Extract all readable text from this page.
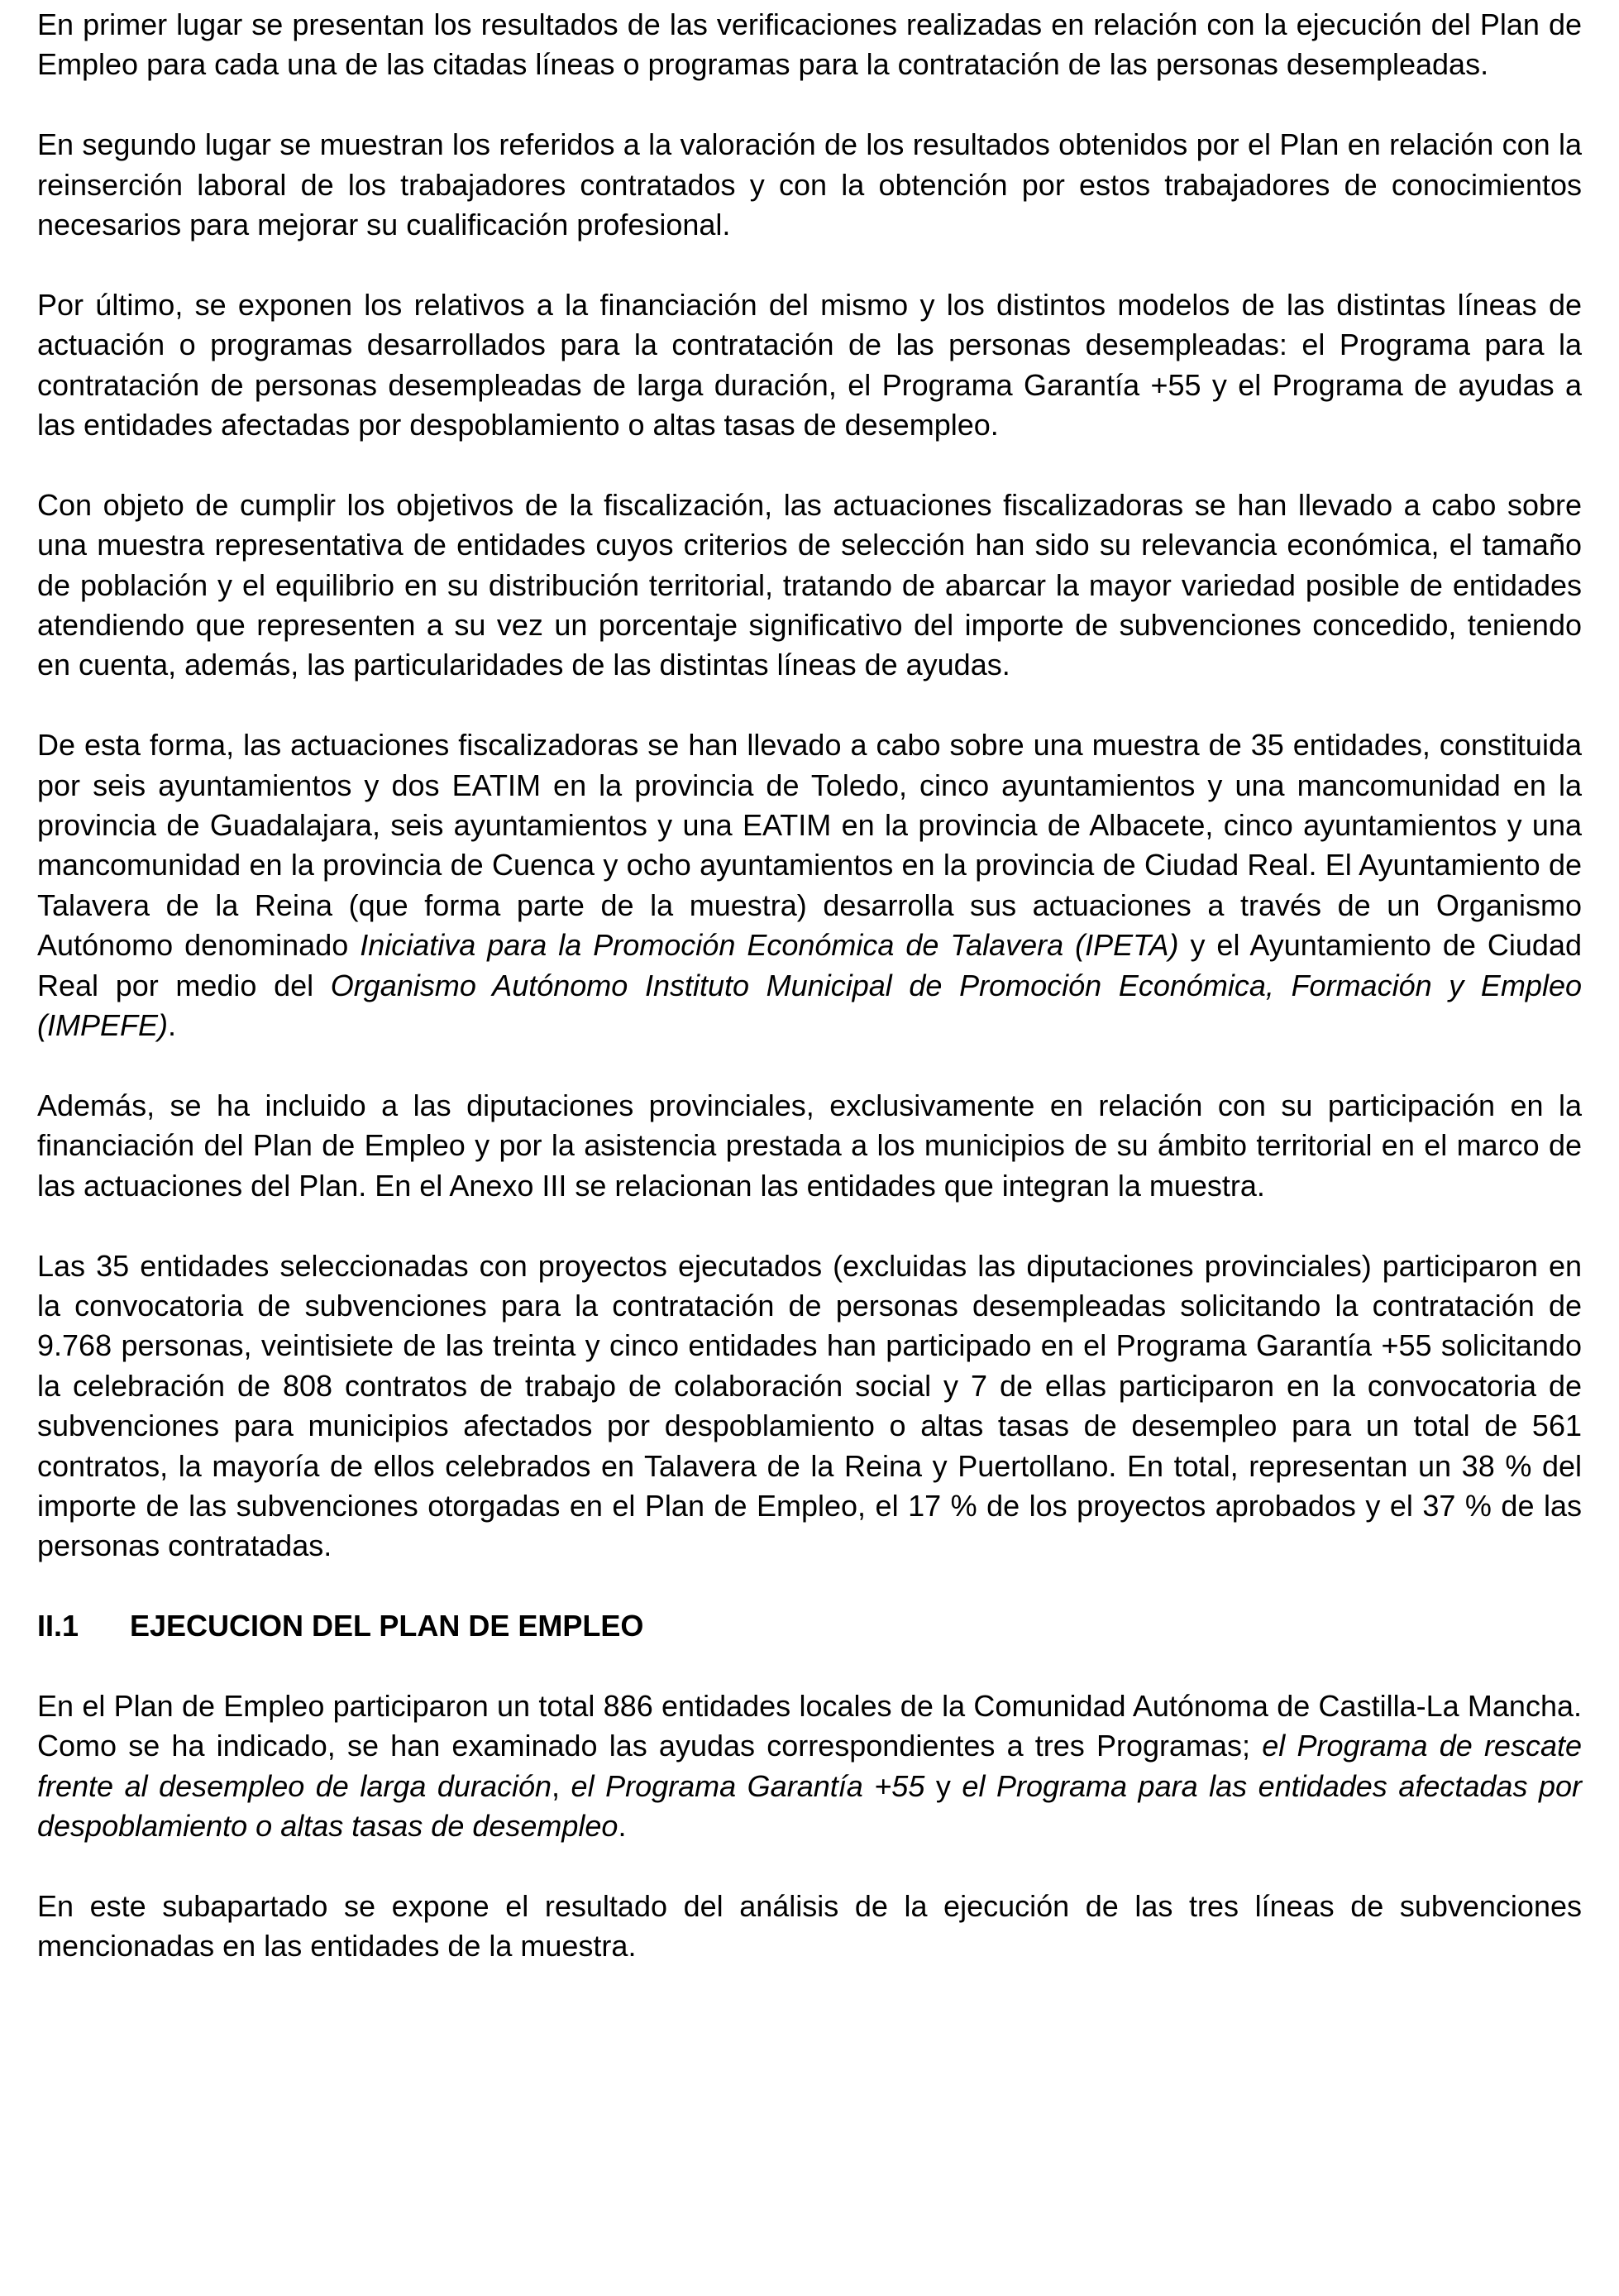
En primer lugar se presentan los resultados de las verificaciones realizadas en relación con la ejecución del Plan de Empleo para cada una de las citadas líneas o programas para la contratación de las personas desempleadas.

En segundo lugar se muestran los referidos a la valoración de los resultados obtenidos por el Plan en relación con la reinserción laboral de los trabajadores contratados y con la obtención por estos trabajadores de conocimientos necesarios para mejorar su cualificación profesional.

Por último, se exponen los relativos a la financiación del mismo y los distintos modelos de las distintas líneas de actuación o programas desarrollados para la contratación de las personas desempleadas: el Programa para la contratación de personas desempleadas de larga duración, el Programa Garantía +55 y el Programa de ayudas a las entidades afectadas por despoblamiento o altas tasas de desempleo.

Con objeto de cumplir los objetivos de la fiscalización, las actuaciones fiscalizadoras se han llevado a cabo sobre una muestra representativa de entidades cuyos criterios de selección han sido su relevancia económica, el tamaño de población y el equilibrio en su distribución territorial, tratando de abarcar la mayor variedad posible de entidades atendiendo que representen a su vez un porcentaje significativo del importe de subvenciones concedido, teniendo en cuenta, además, las particularidades de las distintas líneas de ayudas.

De esta forma, las actuaciones fiscalizadoras se han llevado a cabo sobre una muestra de 35 entidades, constituida por seis ayuntamientos y dos EATIM en la provincia de Toledo, cinco ayuntamientos y una mancomunidad en la provincia de Guadalajara, seis ayuntamientos y una EATIM en la provincia de Albacete, cinco ayuntamientos y una mancomunidad en la provincia de Cuenca y ocho ayuntamientos en la provincia de Ciudad Real. El Ayuntamiento de Talavera de la Reina (que forma parte de la muestra) desarrolla sus actuaciones a través de un Organismo Autónomo denominado Iniciativa para la Promoción Económica de Talavera (IPETA) y el Ayuntamiento de Ciudad Real por medio del Organismo Autónomo Instituto Municipal de Promoción Económica, Formación y Empleo (IMPEFE).

Además, se ha incluido a las diputaciones provinciales, exclusivamente en relación con su participación en la financiación del Plan de Empleo y por la asistencia prestada a los municipios de su ámbito territorial en el marco de las actuaciones del Plan. En el Anexo III se relacionan las entidades que integran la muestra.

Las 35 entidades seleccionadas con proyectos ejecutados (excluidas las diputaciones provinciales) participaron en la convocatoria de subvenciones para la contratación de personas desempleadas solicitando la contratación de 9.768 personas, veintisiete de las treinta y cinco entidades han participado en el Programa Garantía +55 solicitando la celebración de 808 contratos de trabajo de colaboración social y 7 de ellas participaron en la convocatoria de subvenciones para municipios afectados por despoblamiento o altas tasas de desempleo para un total de 561 contratos, la mayoría de ellos celebrados en Talavera de la Reina y Puertollano. En total, representan un 38 % del importe de las subvenciones otorgadas en el Plan de Empleo, el 17 % de los proyectos aprobados y el 37 % de las personas contratadas.

II.1	EJECUCION DEL PLAN DE EMPLEO

En el Plan de Empleo participaron un total 886 entidades locales de la Comunidad Autónoma de Castilla-La Mancha. Como se ha indicado, se han examinado las ayudas correspondientes a tres Programas; el Programa de rescate frente al desempleo de larga duración, el Programa Garantía +55 y el Programa para las entidades afectadas por despoblamiento o altas tasas de desempleo.

En este subapartado se expone el resultado del análisis de la ejecución de las tres líneas de subvenciones mencionadas en las entidades de la muestra.
